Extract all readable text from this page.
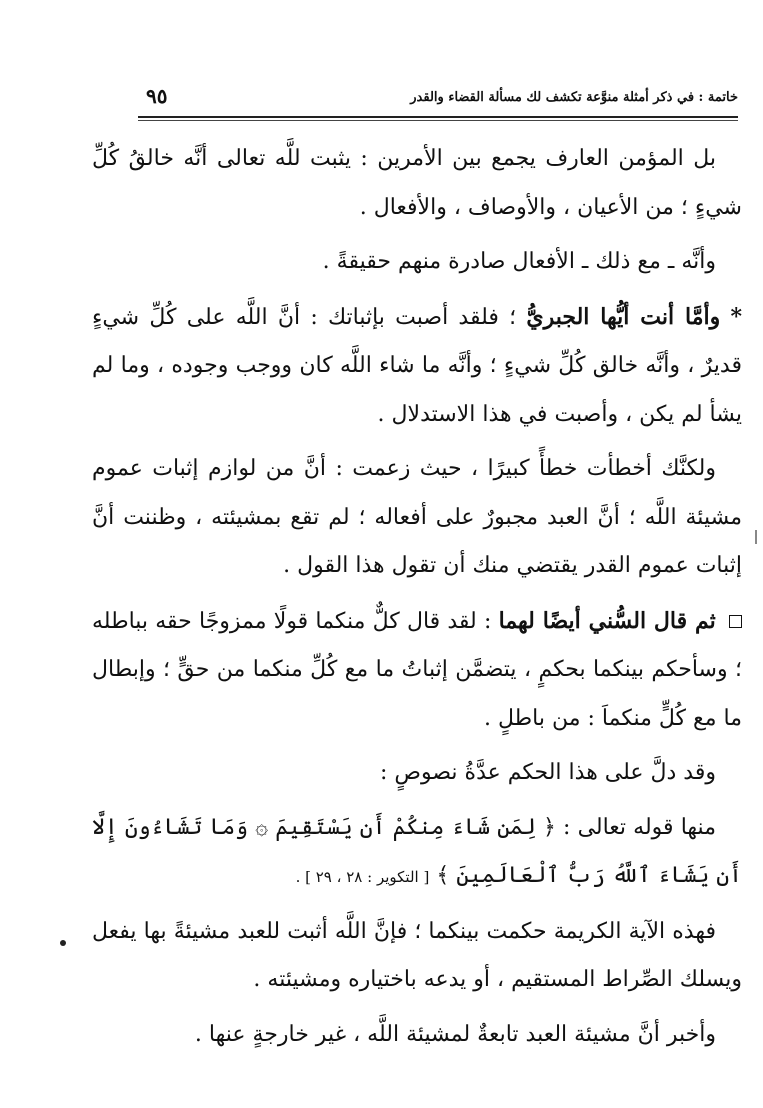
خاتمة : في ذكر أمثلة منوَّعة تكشف لك مسألة القضاء والقدر
٩٥

بل المؤمن العارف يجمع بين الأمرين : يثبت للَّه تعالى أنَّه خالقُ كُلِّ شيءٍ ؛ من الأعيان ، والأوصاف ، والأفعال .

وأنَّه ـ مع ذلك ـ الأفعال صادرة منهم حقيقةً .

* وأمَّا أنت أيُّها الجبريُّ ؛ فلقد أصبت بإثباتك : أنَّ اللَّه على كُلِّ شيءٍ قديرٌ ، وأنَّه خالق كُلِّ شيءٍ ؛ وأنَّه ما شاء اللَّه كان ووجب وجوده ، وما لم يشأ لم يكن ، وأصبت في هذا الاستدلال .

ولكنَّك أخطأت خطأً كبيرًا ، حيث زعمت : أنَّ من لوازم إثبات عموم مشيئة اللَّه ؛ أنَّ العبد مجبورٌ على أفعاله ؛ لم تقع بمشيئته ، وظننت أنَّ إثبات عموم القدر يقتضي منك أن تقول هذا القول .

ثم قال السُّني أيضًا لهما : لقد قال كلٌّ منكما قولًا ممزوجًا حقه بباطله ؛ وسأحكم بينكما بحكمٍ ، يتضمَّن إثباتُ ما مع كُلِّ منكما من حقٍّ ؛ وإبطال ما مع كُلٍّ منكماَ : من باطلٍ .

وقد دلَّ على هذا الحكم عدَّةُ نصوصٍ :

منها قوله تعالى : ﴿ لِمَن شَاءَ مِنكُمْ أَن يَسْتَقِيمَ ۞ وَمَا تَشَاءُونَ إِلَّا أَن يَشَاءَ ٱللَّهُ رَبُّ ٱلْعَالَمِينَ ﴾ [ التكوير : ٢٨ ، ٢٩ ] .

فهذه الآية الكريمة حكمت بينكما ؛ فإنَّ اللَّه أثبت للعبد مشيئةً بها يفعل ويسلك الصِّراط المستقيم ، أو يدعه باختياره ومشيئته .

وأخبر أنَّ مشيئة العبد تابعةٌ لمشيئة اللَّه ، غير خارجةٍ عنها .
